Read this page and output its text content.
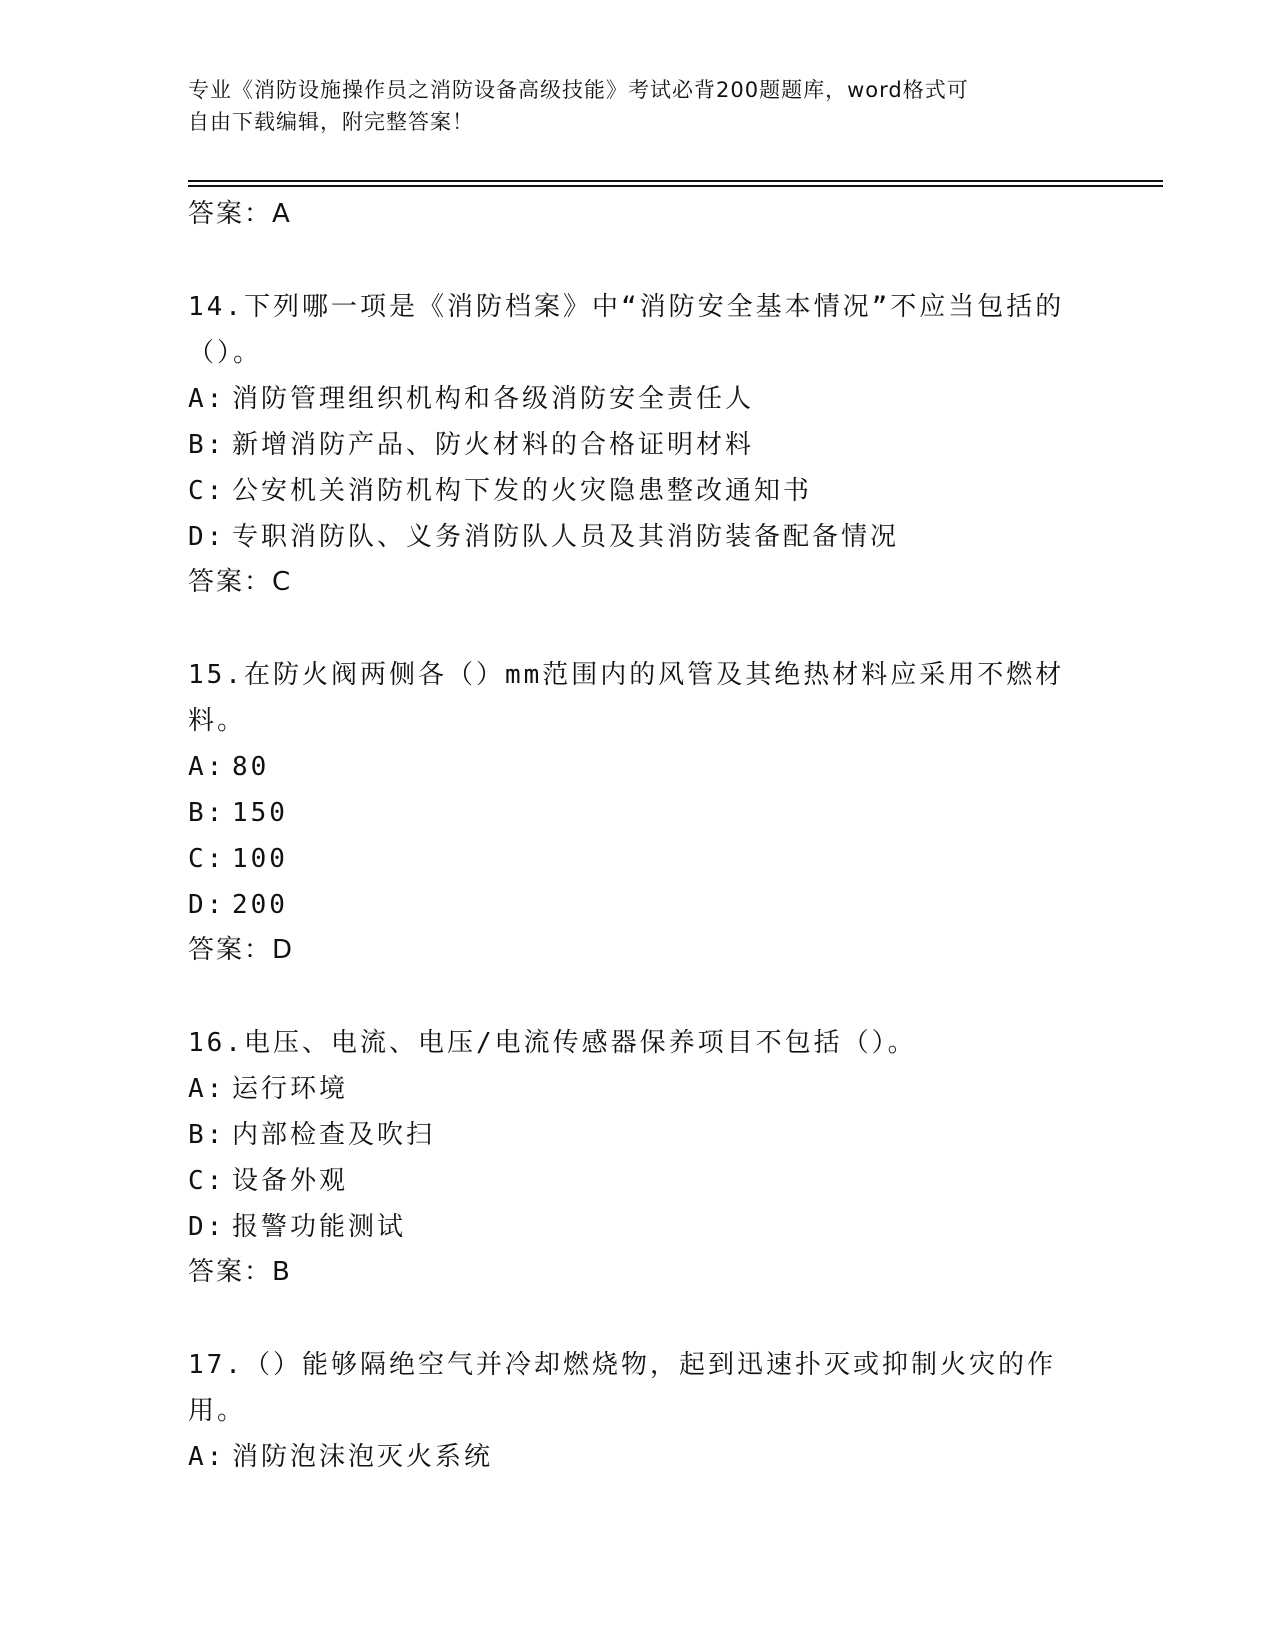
专业《消防设施操作员之消防设备高级技能》考试必背200题题库，word格式可
自由下载编辑，附完整答案！
答案：A
14.下列哪一项是《消防档案》中“消防安全基本情况”不应当包括的（）。
A: 消防管理组织机构和各级消防安全责任人
B: 新增消防产品、防火材料的合格证明材料
C: 公安机关消防机构下发的火灾隐患整改通知书
D: 专职消防队、义务消防队人员及其消防装备配备情况
答案：C
15.在防火阀两侧各（）mm范围内的风管及其绝热材料应采用不燃材料。
A: 80
B: 150
C: 100
D: 200
答案：D
16.电压、电流、电压/电流传感器保养项目不包括（）。
A: 运行环境
B: 内部检查及吹扫
C: 设备外观
D: 报警功能测试
答案：B
17.（）能够隔绝空气并冷却燃烧物，起到迅速扑灭或抑制火灾的作用。
A: 消防泡沫泡灭火系统
